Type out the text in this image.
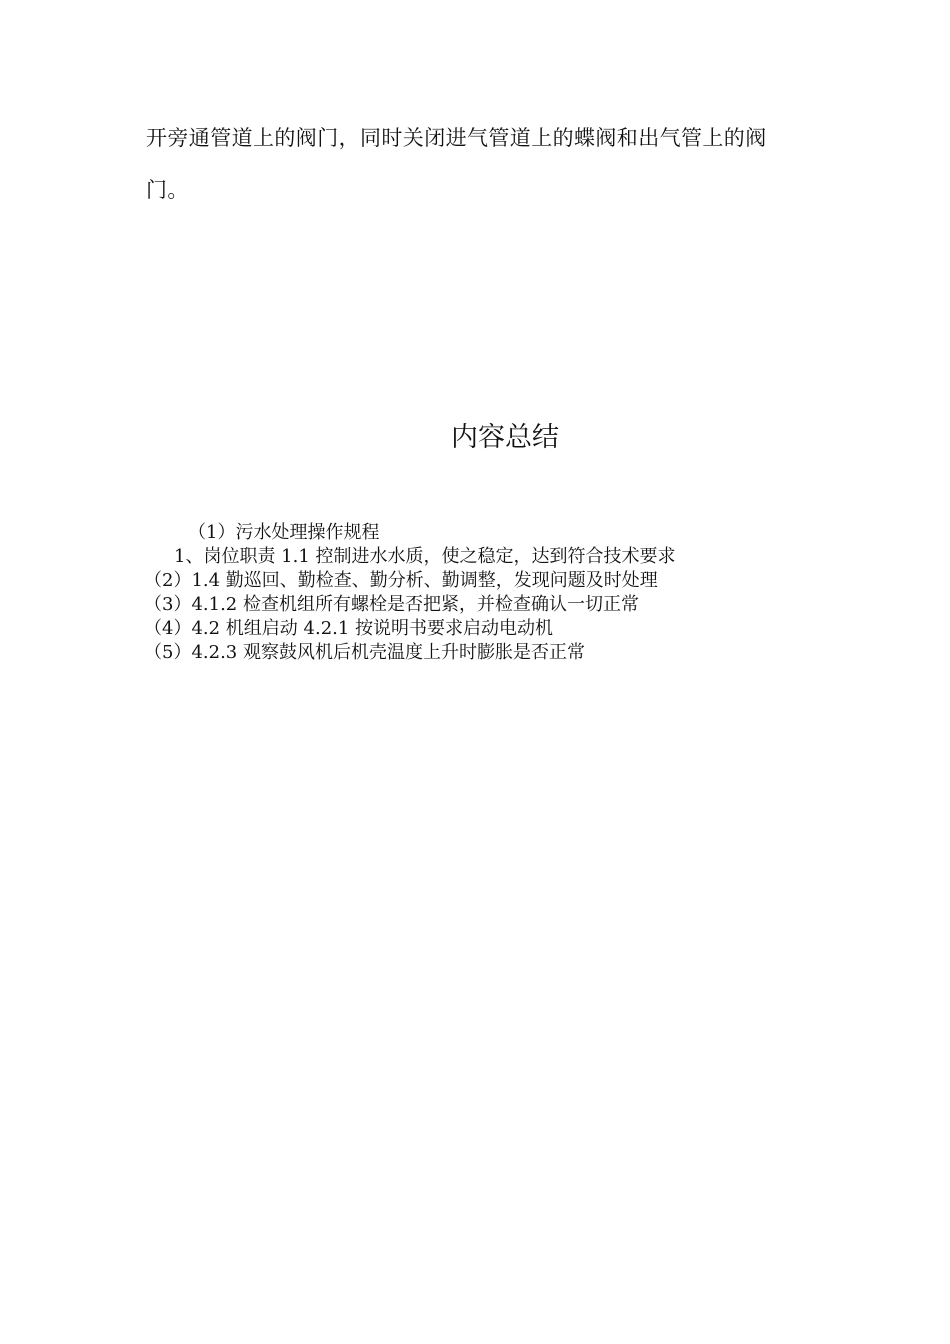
开旁通管道上的阀门，同时关闭进气管道上的蝶阀和出气管上的阀
门。
内容总结
（1）污水处理操作规程
1、岗位职责 1.1 控制进水水质，使之稳定，达到符合技术要求
（2）1.4 勤巡回、勤检查、勤分析、勤调整，发现问题及时处理
（3）4.1.2 检查机组所有螺栓是否把紧，并检查确认一切正常
（4）4.2 机组启动 4.2.1 按说明书要求启动电动机
（5）4.2.3 观察鼓风机后机壳温度上升时膨胀是否正常
